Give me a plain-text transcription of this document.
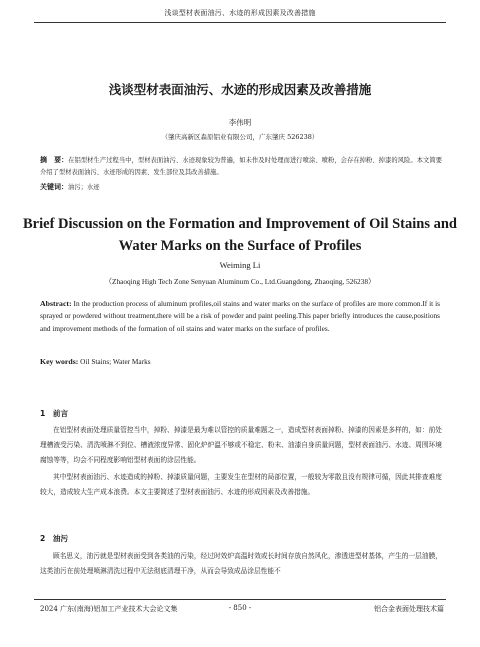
浅谈型材表面油污、水迹的形成因素及改善措施
浅谈型材表面油污、水迹的形成因素及改善措施
李伟明
（肇庆高新区森原铝业有限公司，广东肇庆 526238）
摘　要：在铝型材生产过程当中，型材表面油污、水迹现象较为普遍，如未作及时处理而进行喷涂、喷粉，会存在掉粉、掉漆的风险。本文简要介绍了型材表面油污、水迹形成的因素、发生部位及其改善措施。
关键词：油污；水迹
Brief Discussion on the Formation and Improvement of Oil Stains and Water Marks on the Surface of Profiles
Weiming Li
（Zhaoqing High Tech Zone Senyuan Aluminum Co., Ltd.Guangdong, Zhaoqing, 526238）
Abstract: In the production process of aluminum profiles,oil stains and water marks on the surface of profiles are more common.If it is sprayed or powdered without treatment,there will be a risk of powder and paint peeling.This paper briefly introduces the cause,positions and improvement methods of the formation of oil stains and water marks on the surface of profiles.
Key words: Oil Stains; Water Marks
1　前言
在铝型材表面处理质量管控当中，掉粉、掉漆是最为难以管控的质量难题之一，造成型材表面掉粉、掉漆的因素是多样的，如：前处理槽液受污染、清洗喷淋不到位、槽液浓度异常、固化炉炉温不够或不稳定、粉末、油漆自身质量问题，型材表面油污、水迹、周围环境腐蚀等等，均会不同程度影响铝型材表面的涂层性能。
其中型材表面油污、水迹造成的掉粉、掉漆质量问题，主要发生在型材的局部位置，一般较为零散且没有规律可循，因此其排查难度较大，造成较大生产成本浪费。本文主要简述了型材表面油污、水迹的形成因素及改善措施。
2　油污
顾名思义，油污就是型材表面受到各类油的污染，经过时效炉高温时效或长时间存放自然风化，渗透进型材基体，产生的一层油膜，这类油污在前处理喷淋清洗过程中无法彻底清理干净，从而会导致成品涂层性能不
2024 广东(南海)铝加工产业技术大会论文集	- 850 -	铝合金表面处理技术篇
